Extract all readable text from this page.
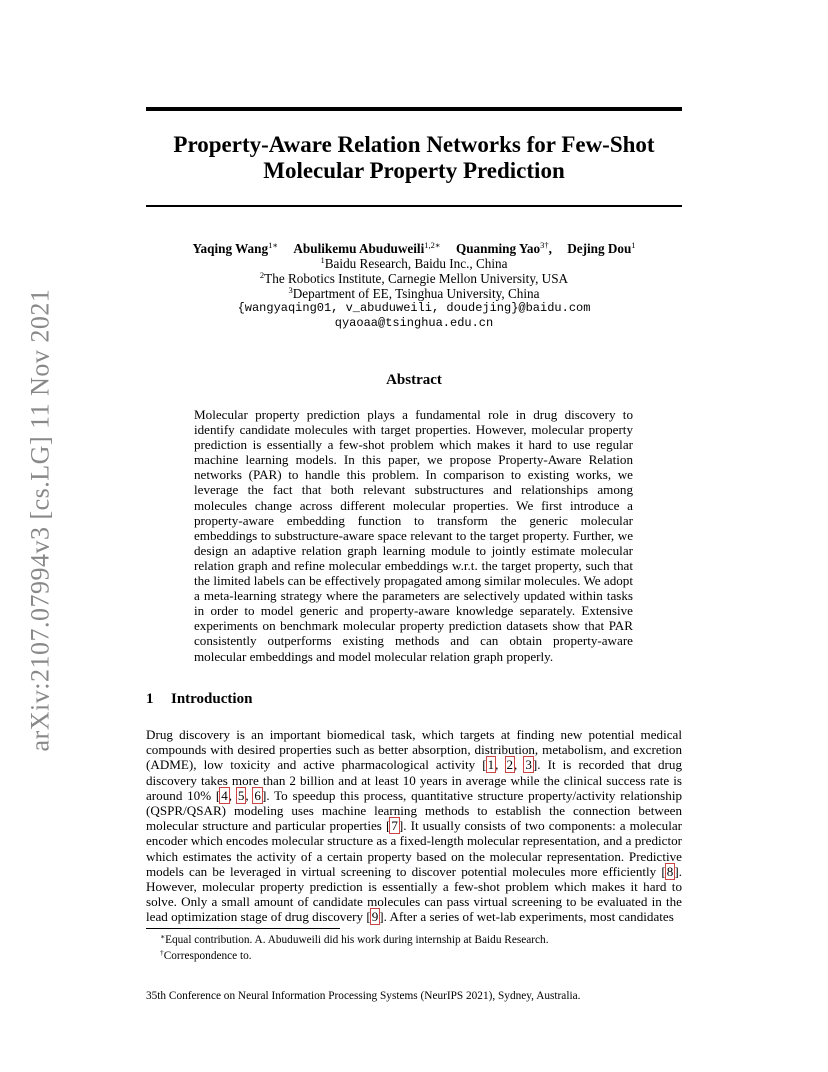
arXiv:2107.07994v3 [cs.LG] 11 Nov 2021
Property-Aware Relation Networks for Few-Shot
Molecular Property Prediction
Yaqing Wang$^{1∗}$ Abulikemu Abuduweili$^{1,2∗}$ Quanming Yao$^{3\dagger}$, Dejing Dou$^1$
$^1$Baidu Research, Baidu Inc., China
$^2$The Robotics Institute, Carnegie Mellon University, USA
$^3$Department of EE, Tsinghua University, China
{wangyaqing01, v_abuduweili, doudejing}@baidu.com
qyaoaa@tsinghua.edu.cn
Abstract
Molecular property prediction plays a fundamental role in drug discovery to identify candidate molecules with target properties. However, molecular property prediction is essentially a few-shot problem which makes it hard to use regular machine learning models. In this paper, we propose Property-Aware Relation networks (PAR) to handle this problem. In comparison to existing works, we leverage the fact that both relevant substructures and relationships among molecules change across different molecular properties. We first introduce a property-aware embedding function to transform the generic molecular embeddings to substructure-aware space relevant to the target property. Further, we design an adaptive relation graph learning module to jointly estimate molecular relation graph and refine molecular embeddings w.r.t. the target property, such that the limited labels can be effectively propagated among similar molecules. We adopt a meta-learning strategy where the parameters are selectively updated within tasks in order to model generic and property-aware knowledge separately. Extensive experiments on benchmark molecular property prediction datasets show that PAR consistently outperforms existing methods and can obtain property-aware molecular embeddings and model molecular relation graph properly.
1 Introduction
Drug discovery is an important biomedical task, which targets at finding new potential medical compounds with desired properties such as better absorption, distribution, metabolism, and excretion (ADME), low toxicity and active pharmacological activity [1, 2, 3]. It is recorded that drug discovery takes more than 2 billion and at least 10 years in average while the clinical success rate is around 10% [4, 5, 6]. To speedup this process, quantitative structure property/activity relationship (QSPR/QSAR) modeling uses machine learning methods to establish the connection between molecular structure and particular properties [7]. It usually consists of two components: a molecular encoder which encodes molecular structure as a fixed-length molecular representation, and a predictor which estimates the activity of a certain property based on the molecular representation. Predictive models can be leveraged in virtual screening to discover potential molecules more efficiently [8]. However, molecular property prediction is essentially a few-shot problem which makes it hard to solve. Only a small amount of candidate molecules can pass virtual screening to be evaluated in the lead optimization stage of drug discovery [9]. After a series of wet-lab experiments, most candidates
∗Equal contribution. A. Abuduweili did his work during internship at Baidu Research.
†Correspondence to.
35th Conference on Neural Information Processing Systems (NeurIPS 2021), Sydney, Australia.
